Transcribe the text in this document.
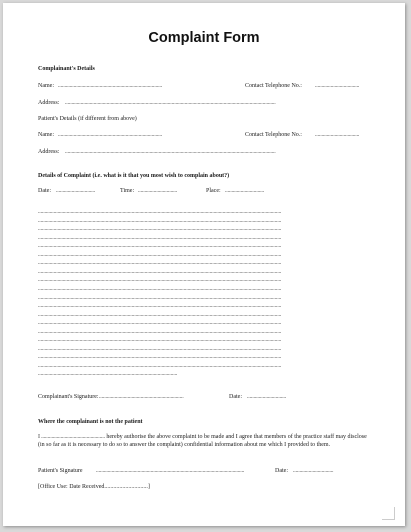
Complaint Form
Complainant's Details
Name: ................................................................................	Contact Telephone No.: ..................................
Address: ..................................................................................................................................................................
Patient's Details (if different from above)
Name: ................................................................................	Contact Telephone No.: ..................................
Address: ..................................................................................................................................................................
Details of Complaint (i.e. what is it that you most wish to complain about?)
Date: ..............................	Time: ..............................	Place: ..............................
...........................................................................................................................................................................................
...........................................................................................................................................................................................
...........................................................................................................................................................................................
...........................................................................................................................................................................................
...........................................................................................................................................................................................
...........................................................................................................................................................................................
...........................................................................................................................................................................................
...........................................................................................................................................................................................
...........................................................................................................................................................................................
...........................................................................................................................................................................................
...........................................................................................................................................................................................
...........................................................................................................................................................................................
...........................................................................................................................................................................................
...........................................................................................................................................................................................
...........................................................................................................................................................................................
...........................................................................................................................................................................................
...........................................................................................................................................................................................
...........................................................................................................................................................................................
...........................................................................................................................................................................................
...........................................................................................................
Complainant's Signature: .................................................................	Date: ..............................
Where the complainant is not the patient
I ................................................. hereby authorise the above complaint to be made and I agree that members of the practice staff may disclose (in so far as it is necessary to do so to answer the complaint) confidential information about me which I provided to them.
Patient's Signature ..................................................................................................................	Date: ...............................
[Office Use: Date Received.............................]
